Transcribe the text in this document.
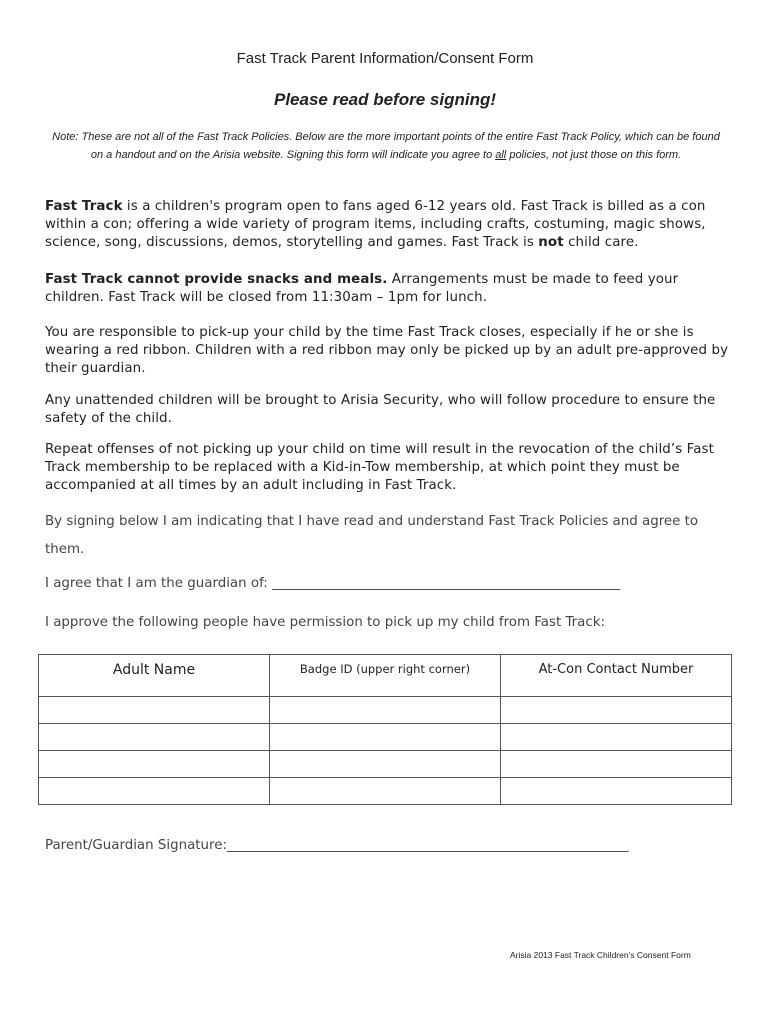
Fast Track Parent Information/Consent Form
Please read before signing!
Note: These are not all of the Fast Track Policies. Below are the more important points of the entire Fast Track Policy, which can be found on a handout and on the Arisia website. Signing this form will indicate you agree to all policies, not just those on this form.
Fast Track is a children's program open to fans aged 6-12 years old. Fast Track is billed as a con within a con; offering a wide variety of program items, including crafts, costuming, magic shows, science, song, discussions, demos, storytelling and games. Fast Track is not child care.
Fast Track cannot provide snacks and meals. Arrangements must be made to feed your children. Fast Track will be closed from 11:30am – 1pm for lunch.
You are responsible to pick-up your child by the time Fast Track closes, especially if he or she is wearing a red ribbon. Children with a red ribbon may only be picked up by an adult pre-approved by their guardian.
Any unattended children will be brought to Arisia Security, who will follow procedure to ensure the safety of the child.
Repeat offenses of not picking up your child on time will result in the revocation of the child’s Fast Track membership to be replaced with a Kid-in-Tow membership, at which point they must be accompanied at all times by an adult including in Fast Track.
By signing below I am indicating that I have read and understand Fast Track Policies and agree to them.
I agree that I am the guardian of: ____________________________________________________
I approve the following people have permission to pick up my child from Fast Track:
Adult Name	Badge ID (upper right corner)	At-Con Contact Number

Parent/Guardian Signature:____________________________________________________________
Arisia 2013 Fast Track Children’s Consent Form
